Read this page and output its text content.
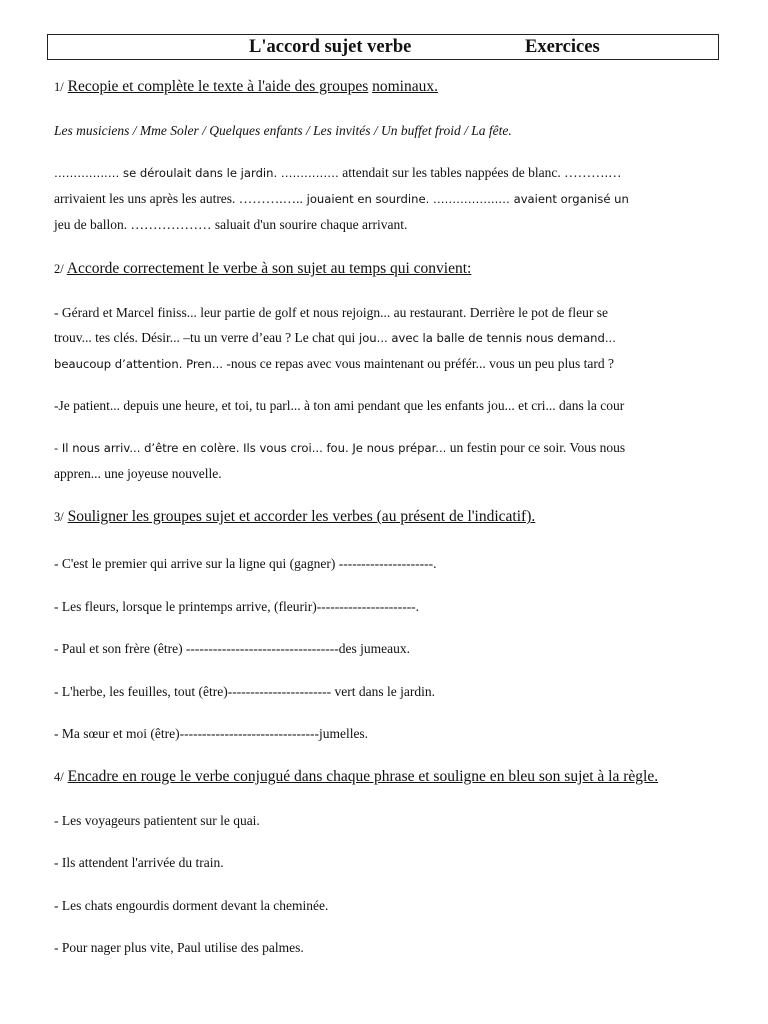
L'accord sujet verbe	Exercices
1/ Recopie et complète le texte à l'aide des groupes nominaux.
Les musiciens / Mme Soler / Quelques enfants / Les invités / Un buffet froid / La fête.
…………..… se déroulait dans le jardin. …………… attendait sur les tables nappées de blanc. ……….…
arrivaient les uns après les autres. ……….….. jouaient en sourdine. ……………..… avaient organisé un
jeu de ballon. ……………… saluait d'un sourire chaque arrivant.
2/ Accorde correctement le verbe à son sujet au temps qui convient:
- Gérard et Marcel finiss... leur partie de golf et nous rejoign... au restaurant. Derrière le pot de fleur se
trouv... tes clés. Désir... –tu un verre d’eau ? Le chat qui jou... avec la balle de tennis nous demand...
beaucoup d’attention. Pren... -nous ce repas avec vous maintenant ou préfér... vous un peu plus tard ?
-Je patient... depuis une heure, et toi, tu parl... à ton ami pendant que les enfants jou... et cri... dans la cour
- Il nous arriv... d’être en colère. Ils vous croi... fou. Je nous prépar... un festin pour ce soir. Vous nous
appren... une joyeuse nouvelle.
3/ Souligner les groupes sujet et accorder les verbes (au présent de l'indicatif).
- C'est le premier qui arrive sur la ligne qui (gagner) ---------------------.
- Les fleurs, lorsque le printemps arrive, (fleurir)----------------------.
- Paul et son frère (être) ----------------------------------des jumeaux.
- L'herbe, les feuilles, tout (être)----------------------- vert dans le jardin.
- Ma sœur et moi (être)-------------------------------jumelles.
4/ Encadre en rouge le verbe conjugué dans chaque phrase et souligne en bleu son sujet à la règle.
- Les voyageurs patientent sur le quai.
- Ils attendent l'arrivée du train.
- Les chats engourdis dorment devant la cheminée.
- Pour nager plus vite, Paul utilise des palmes.
